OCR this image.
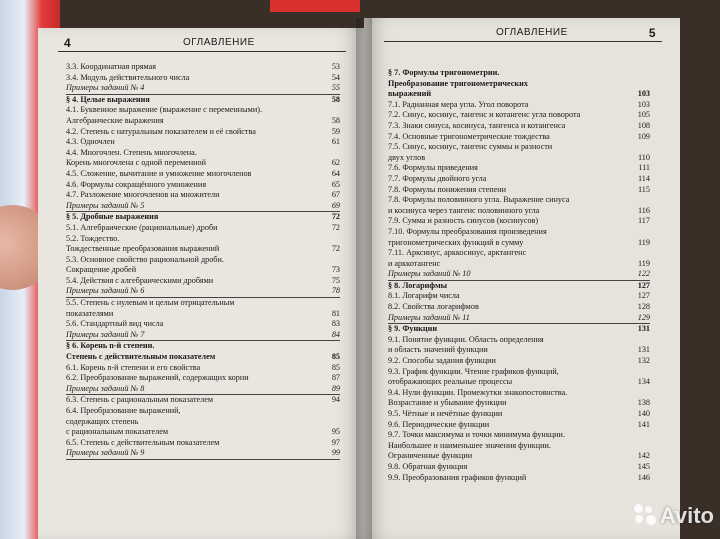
4	ОГЛАВЛЕНИЕ
3.3. Координатная прямая	53
3.4. Модуль действительного числа	54
Примеры заданий № 4	55
§ 4. Целые выражения	58
4.1. Буквенное выражение (выражение с переменными).
Алгебраические выражения	58
4.2. Степень с натуральным показателем и её свойства	59
4.3. Одночлен	61
4.4. Многочлен. Степень многочлена.
Корень многочлена с одной переменной	62
4.5. Сложение, вычитание и умножение многочленов	64
4.6. Формулы сокращённого умножения	65
4.7. Разложение многочленов на множители	67
Примеры заданий № 5	69
§ 5. Дробные выражения	72
5.1. Алгебраические (рациональные) дроби	72
5.2. Тождество.
Тождественные преобразования выражений	72
5.3. Основное свойство рациональной дроби.
Сокращение дробей	73
5.4. Действия с алгебраическими дробями	75
Примеры заданий № 6	78
5.5. Степень с нулевым и целым отрицательным
показателями	81
5.6. Стандартный вид числа	83
Примеры заданий № 7	84
§ 6. Корень n-й степени.
Степень с действительным показателем	85
6.1. Корень n-й степени и его свойства	85
6.2. Преобразование выражений, содержащих корни	87
Примеры заданий № 8	89
6.3. Степень с рациональным показателем	94
6.4. Преобразование выражений,
содержащих степень
с рациональным показателем	95
6.5. Степень с действительным показателем	97
Примеры заданий № 9	99
ОГЛАВЛЕНИЕ	5
§ 7. Формулы тригонометрии.
Преобразование тригонометрических
выражений	103
7.1. Радианная мера угла. Угол поворота	103
7.2. Синус, косинус, тангенс и котангенс угла поворота	105
7.3. Знаки синуса, косинуса, тангенса и котангенса	108
7.4. Основные тригонометрические тождества	109
7.5. Синус, косинус, тангенс суммы и разности
двух углов	110
7.6. Формулы приведения	111
7.7. Формулы двойного угла	114
7.8. Формулы понижения степени	115
7.8. Формулы половинного угла. Выражение синуса
и косинуса через тангенс половинного угла	116
7.9. Сумма и разность синусов (косинусов)	117
7.10. Формулы преобразования произведения
тригонометрических функций в сумму	119
7.11. Арксинус, арккосинус, арктангенс
и арккотангенс	119
Примеры заданий № 10	122
§ 8. Логарифмы	127
8.1. Логарифм числа	127
8.2. Свойства логарифмов	128
Примеры заданий № 11	129
§ 9. Функции	131
9.1. Понятие функции. Область определения
и область значений функции	131
9.2. Способы задания функции	132
9.3. График функции. Чтение графиков функций,
отображающих реальные процессы	134
9.4. Нули функции. Промежутки знакопостоянства.
Возрастание и убывание функции	138
9.5. Чётные и нечётные функции	140
9.6. Периодические функции	141
9.7. Точки максимума и точки минимума функции.
Наибольшее и наименьшее значения функции.
Ограниченные функции	142
9.8. Обратная функция	145
9.9. Преобразования графиков функций	146
Avito
